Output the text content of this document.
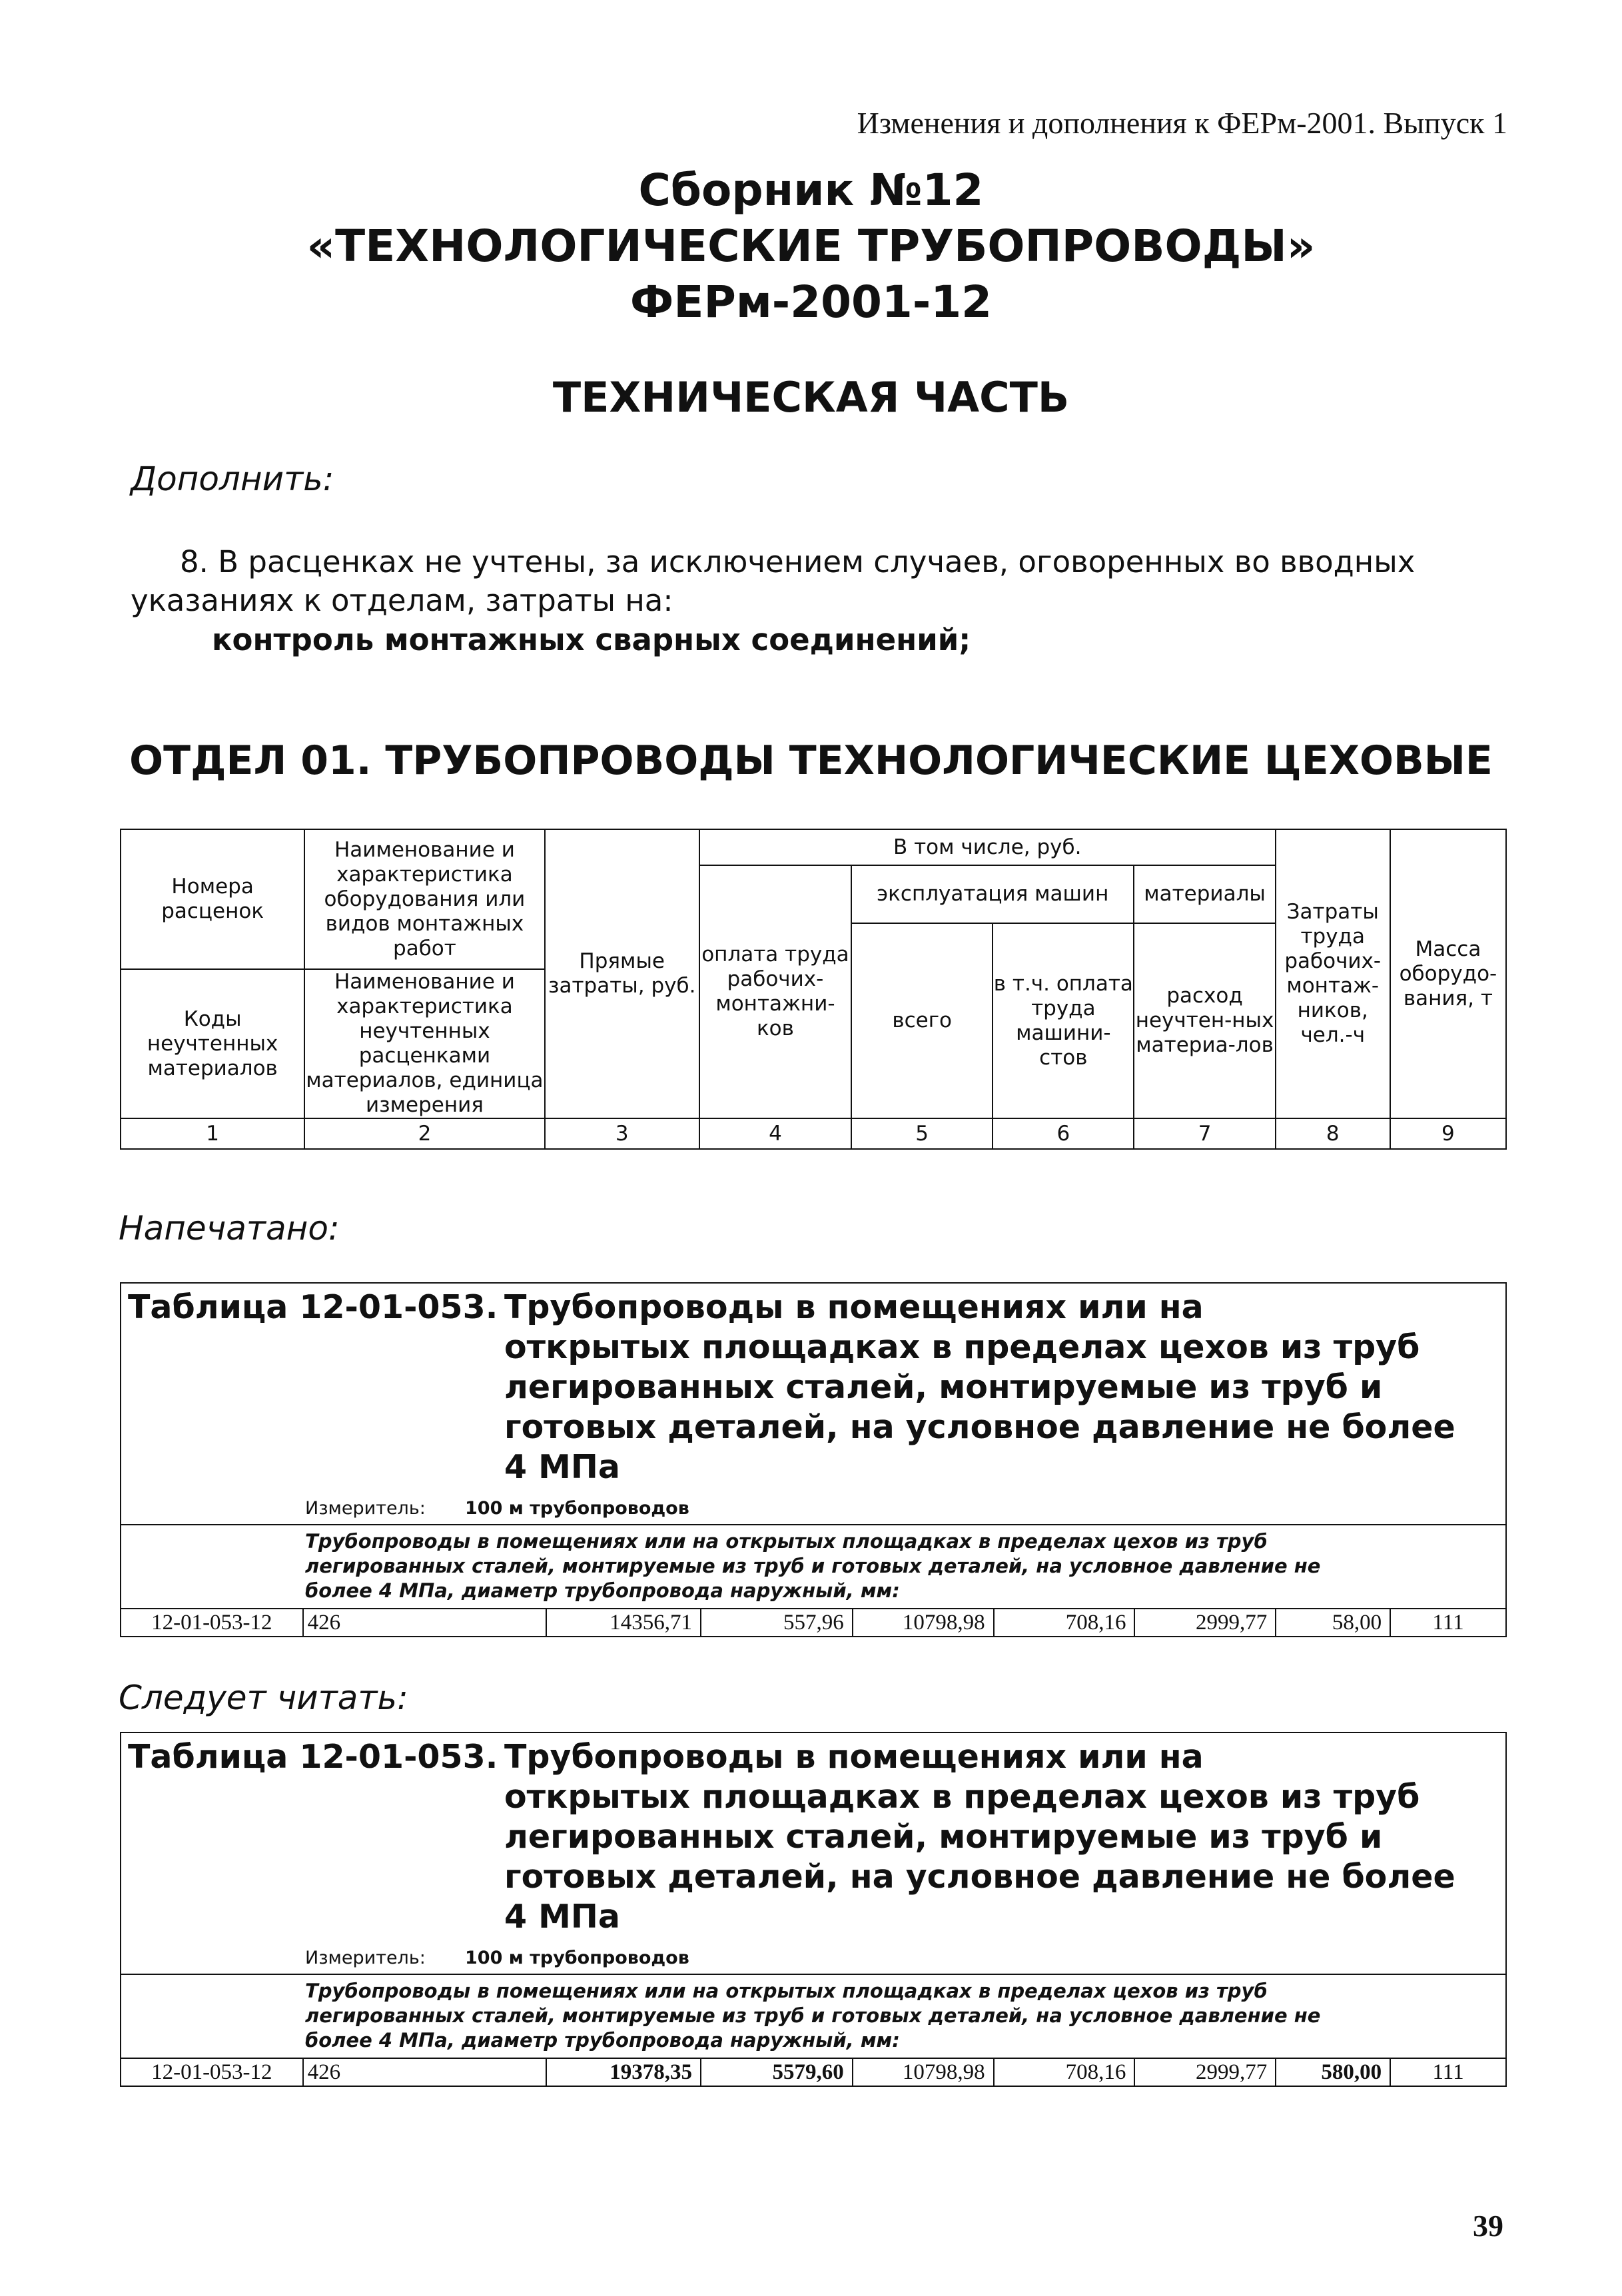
Изменения и дополнения к ФЕРм-2001. Выпуск 1
Сборник №12
«ТЕХНОЛОГИЧЕСКИЕ ТРУБОПРОВОДЫ»
ФЕРм-2001-12
ТЕХНИЧЕСКАЯ ЧАСТЬ
Дополнить:
8. В расценках не учтены, за исключением случаев, оговоренных во вводных
указаниях к отделам, затраты на:
контроль монтажных сварных соединений;
ОТДЕЛ 01. ТРУБОПРОВОДЫ ТЕХНОЛОГИЧЕСКИЕ ЦЕХОВЫЕ
Номера расценок	Наименование и характеристика оборудования или видов монтажных работ	Прямые затраты, руб.	В том числе, руб.				Затраты труда рабочих-монтаж-ников, чел.-ч	Масса оборудо-вания, т
			оплата труда рабочих-монтажни-ков	эксплуатация машин		материалы		
				всего	в т.ч. оплата труда машини-стов	расход неучтен-ных материа-лов		
Коды неучтенных материалов	Наименование и характеристика неучтенных расценками материалов, единица измерения							

1	2	3	4	5	6	7	8	9
Напечатано:
Таблица 12-01-053. Трубопроводы в помещениях или на
открытых площадках в пределах цехов из труб
легированных сталей, монтируемые из труб и
готовых деталей, на условное давление не более
4 МПа
Измеритель: 100 м трубопроводов
Трубопроводы в помещениях или на открытых площадках в пределах цехов из труб
легированных сталей, монтируемые из труб и готовых деталей, на условное давление не
более 4 МПа, диаметр трубопровода наружный, мм:
12-01-053-12	426	14356,71	557,96	10798,98	708,16	2999,77	58,00	111
Следует читать:
Таблица 12-01-053. Трубопроводы в помещениях или на
открытых площадках в пределах цехов из труб
легированных сталей, монтируемые из труб и
готовых деталей, на условное давление не более
4 МПа
Измеритель: 100 м трубопроводов
Трубопроводы в помещениях или на открытых площадках в пределах цехов из труб
легированных сталей, монтируемые из труб и готовых деталей, на условное давление не
более 4 МПа, диаметр трубопровода наружный, мм:
12-01-053-12	426	19378,35	5579,60	10798,98	708,16	2999,77	580,00	111
39
